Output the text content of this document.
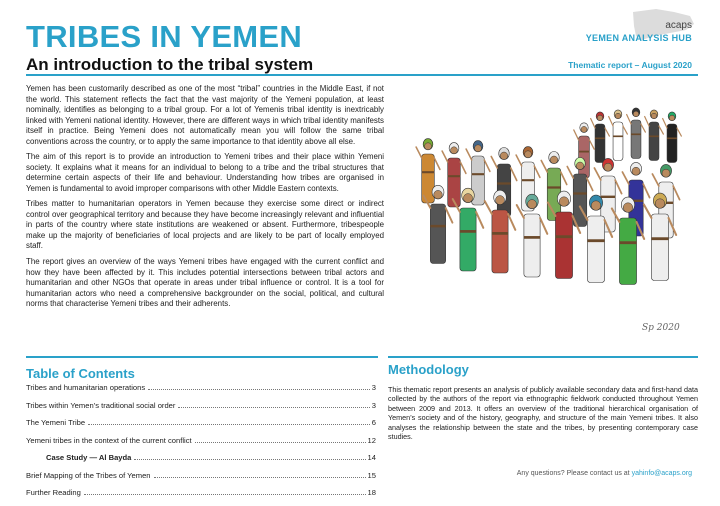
TRIBES IN YEMEN
An introduction to the tribal system	Thematic report – August 2020
acaps
YEMEN ANALYSIS HUB

Yemen has been customarily described as one of the most “tribal” countries in the Middle East, if not the world. This statement reflects the fact that the vast majority of the Yemeni population, at least nominally, identifies as belonging to a tribal group. For a lot of Yemenis tribal identity is inextricably linked with Yemeni national identity. However, there are different ways in which tribal identity manifests itself in practice. Being Yemeni does not automatically mean you will follow the same tribal conventions across the country, or to apply the same importance to that identity above all else.

The aim of this report is to provide an introduction to Yemeni tribes and their place within Yemeni society. It explains what it means for an individual to belong to a tribe and the tribal structures that determine certain aspects of their life and behaviour. Understanding how tribes are organised in Yemen is fundamental to avoid improper comparisons with other Middle Eastern contexts.

Tribes matter to humanitarian operators in Yemen because they exercise some direct or indirect control over geographical territory and because they have become increasingly relevant and influential in parts of the country where state institutions are weakened or absent. Furthermore, tribespeople make up the majority of beneficiaries of local projects and are likely to be part of locally employed staff.

The report gives an overview of the ways Yemeni tribes have engaged with the current conflict and how they have been affected by it. This includes potential intersections between tribal actors and humanitarian and other NGOs that operate in areas under tribal influence or control. It is a tool for humanitarian actors who need a comprehensive backgrounder on the social, political, and cultural norms that characterise Yemeni tribes and their adherents.

Sp 2020
Table of Contents
Tribes and humanitarian operations	3
Tribes within Yemen’s traditional social order	3
The Yemeni Tribe	6
Yemeni tribes in the context of the current conflict	12
Case Study — Al Bayda	14
Brief Mapping of the Tribes of Yemen	15
Further Reading	18
Methodology
This thematic report presents an analysis of publicly available secondary data and first-hand data collected by the authors of the report via ethnographic fieldwork conducted throughout Yemen between 2009 and 2013. It offers an overview of the traditional hierarchical organisation of Yemen’s society and of the history, geography, and structure of the main Yemeni tribes. It also analyses the relationship between the state and the tribes, by presenting contemporary case studies.
Any questions? Please contact us at yahinfo@acaps.org
